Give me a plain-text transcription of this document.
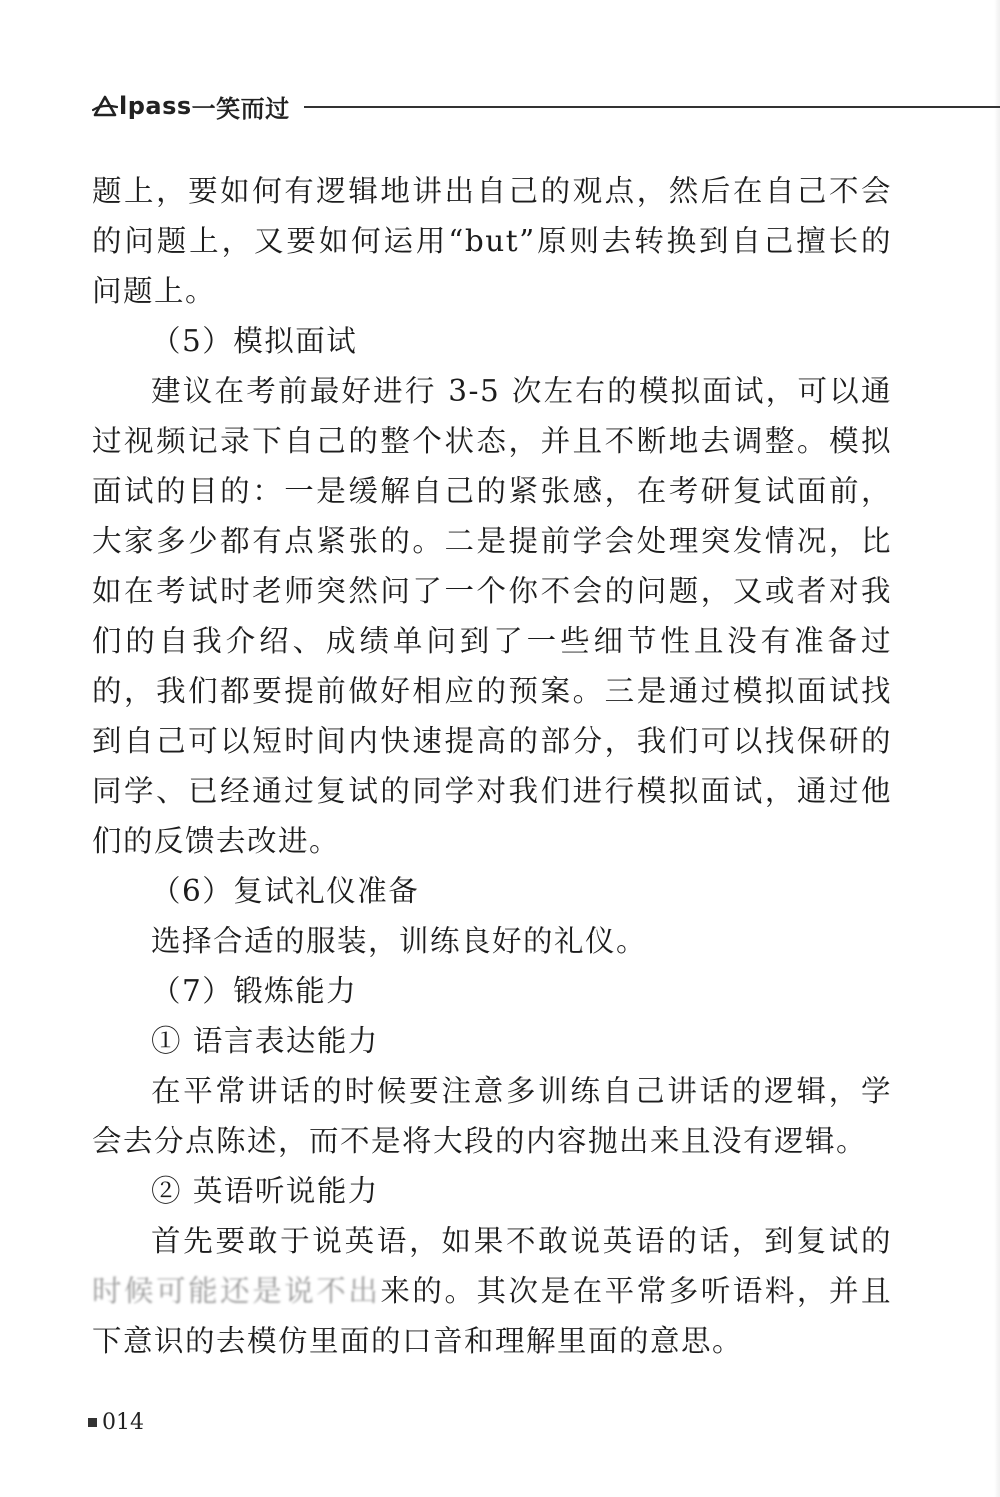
lpass 一笑而过

题上，要如何有逻辑地讲出自己的观点，然后在自己不会的问题上，又要如何运用“but”原则去转换到自己擅长的问题上。

（5）模拟面试

建议在考前最好进行 3-5 次左右的模拟面试，可以通过视频记录下自己的整个状态，并且不断地去调整。模拟面试的目的：一是缓解自己的紧张感，在考研复试面前，大家多少都有点紧张的。二是提前学会处理突发情况，比如在考试时老师突然问了一个你不会的问题，又或者对我们的自我介绍、成绩单问到了一些细节性且没有准备过的，我们都要提前做好相应的预案。三是通过模拟面试找到自己可以短时间内快速提高的部分，我们可以找保研的同学、已经通过复试的同学对我们进行模拟面试，通过他们的反馈去改进。

（6）复试礼仪准备

选择合适的服装，训练良好的礼仪。

（7）锻炼能力

① 语言表达能力

在平常讲话的时候要注意多训练自己讲话的逻辑，学会去分点陈述，而不是将大段的内容抛出来且没有逻辑。

② 英语听说能力

首先要敢于说英语，如果不敢说英语的话，到复试的时候可能还是说不出来的。其次是在平常多听语料，并且下意识的去模仿里面的口音和理解里面的意思。

014
